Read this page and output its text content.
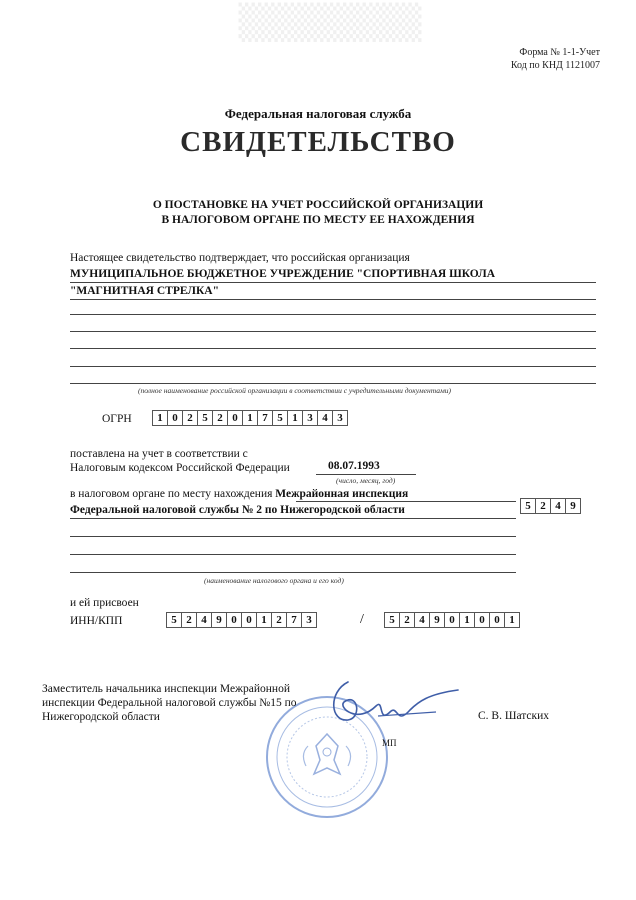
▒▒▒▒▒▒▒
Форма № 1-1-Учет
Код по КНД 1121007
Федеральная налоговая служба
СВИДЕТЕЛЬСТВО
О ПОСТАНОВКЕ НА УЧЕТ РОССИЙСКОЙ ОРГАНИЗАЦИИ
В НАЛОГОВОМ ОРГАНЕ ПО МЕСТУ ЕЕ НАХОЖДЕНИЯ
Настоящее свидетельство подтверждает, что российская организация
МУНИЦИПАЛЬНОЕ БЮДЖЕТНОЕ УЧРЕЖДЕНИЕ "СПОРТИВНАЯ ШКОЛА
"МАГНИТНАЯ СТРЕЛКА"
(полное наименование российской организации в соответствии с учредительными документами)
ОГРН	1 0 2 5 2 0 1 7 5 1 3 4 3
поставлена на учет в соответствии с
Налоговым кодексом Российской Федерации	08.07.1993
(число, месяц, год)
в налоговом органе по месту нахождения Межрайонная инспекция
Федеральной налоговой службы № 2 по Нижегородской области	5 2 4 9
(наименование налогового органа и его код)
и ей присвоен
ИНН/КПП	5 2 4 9 0 0 1 2 7 3	/	5 2 4 9 0 1 0 0 1
Заместитель начальника инспекции Межрайонной
инспекции Федеральной налоговой службы №15 по
Нижегородской области	С. В. Шатских
МП
